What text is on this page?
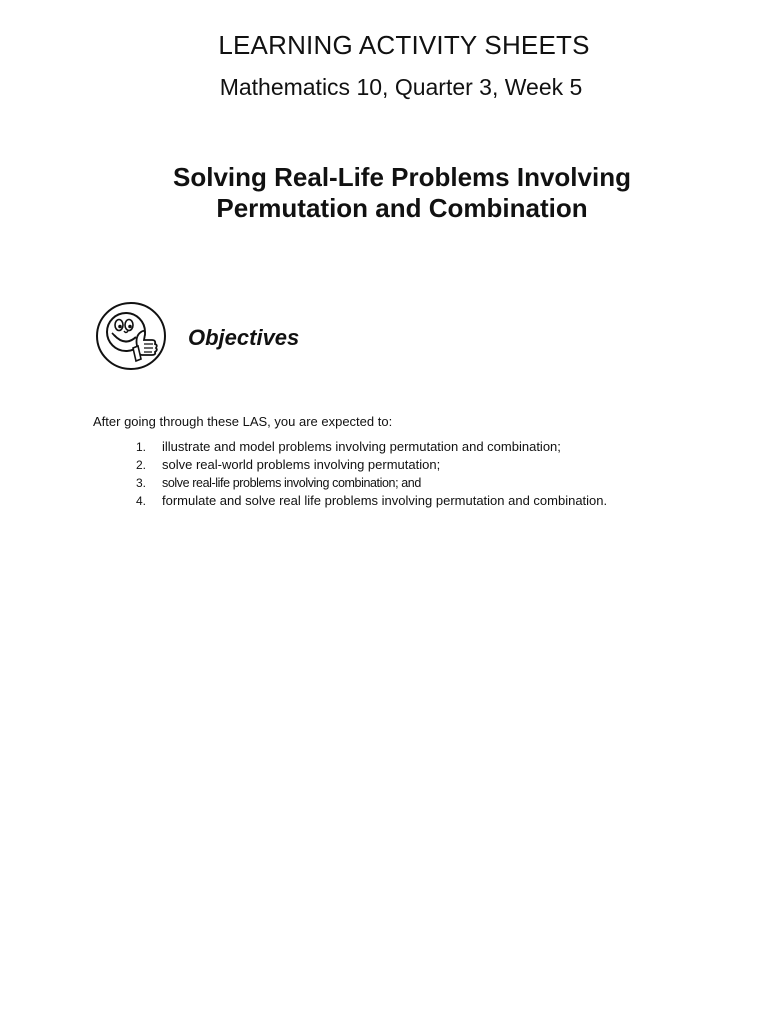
LEARNING ACTIVITY SHEETS
Mathematics 10, Quarter 3, Week 5
Solving Real-Life Problems Involving
Permutation and Combination
Objectives

After going through these LAS, you are expected to:

1.	illustrate and model problems involving permutation and combination;
2.	solve real-world problems involving permutation;
3.	solve real-life problems involving combination; and
4.	formulate and solve real life problems involving permutation and combination.
